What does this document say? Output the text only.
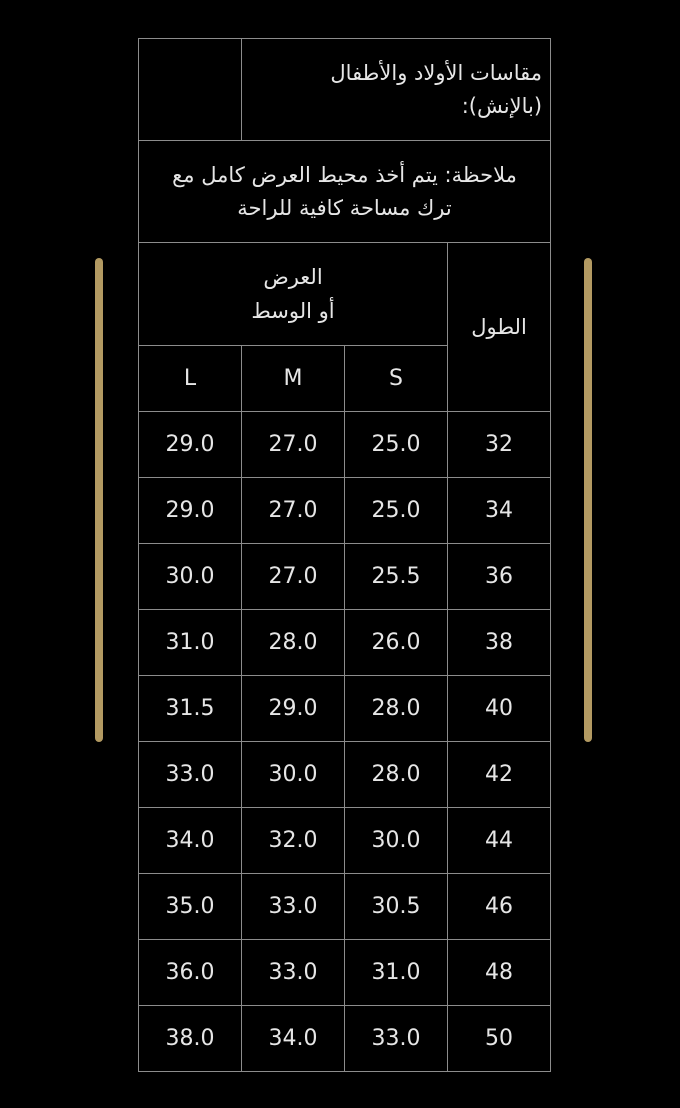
	مقاسات الأولاد والأطفال
(بالإنش):		

ملاحظة: يتم أخذ محيط العرض كامل مع
ترك مساحة كافية للراحة			

العرض
أو الوسط			الطول
L	M	S	
29.0	27.0	25.0	32
29.0	27.0	25.0	34
30.0	27.0	25.5	36
31.0	28.0	26.0	38
31.5	29.0	28.0	40
33.0	30.0	28.0	42
34.0	32.0	30.0	44
35.0	33.0	30.5	46
36.0	33.0	31.0	48
38.0	34.0	33.0	50
